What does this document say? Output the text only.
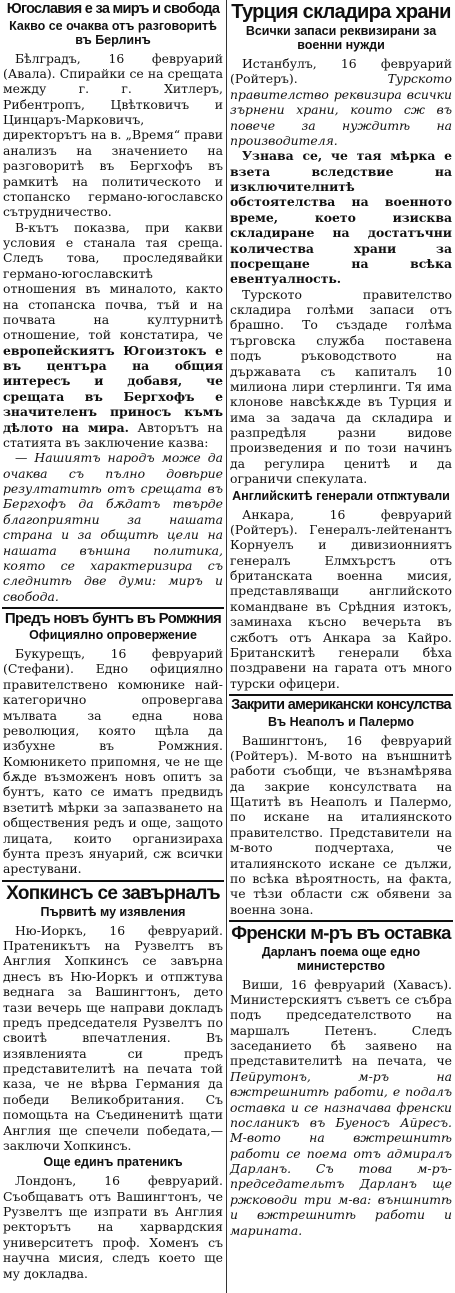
Югославия е за миръ и свобода
Какво се очаква отъ разговоритѣ въ Берлинъ

Бѣлградъ, 16 февруарий (Авала). Спирайки се на срещата между г. г. Хитлеръ, Рибентропъ, Цвѣтковичъ и Цинцаръ-Марковичъ, директорътъ на в. „Время“ прави анализъ на значението на разговоритѣ въ Бергхофъ въ рамкитѣ на политическото и стопанско германо-югославско сътрудничество.

В-кътъ показва, при какви условия е станала тая среща. Следъ това, проследявайки германо-югославскитѣ отношения въ миналото, както на стопанска почва, тъй и на почвата на културнитѣ отношение, той констатира, че европейскиятъ Югоизтокъ е въ центъра на общия интересъ и добавя, че срещата въ Бергхофъ е значителенъ приносъ къмъ дѣлото на мира. Авторътъ на статията въ заключение казва:

— Нашиятъ народъ може да очаква съ пълно довѣрие резултатитѣ отъ срещата въ Бергхофъ да бѫдатъ твърде благоприятни за нашата страна и за общитѣ цели на нашата външна политика, която се характеризира съ следнитѣ две думи: миръ и свобода.

Предъ новъ бунтъ въ Ромжния
Официялно опровержение

Букурещъ, 16 февруарий (Стефани). Едно официялно правителствено комюнике най-категорично опровергава мълвата за една нова революция, която щѣла да избухне въ Ромжния. Комюникето припомня, че не ще бѫде възможенъ новъ опитъ за бунтъ, като се иматъ предвидъ взетитѣ мѣрки за запазването на обществения редъ и още, защото лицата, които организираха бунта презъ януарий, сж всички арестувани.

Хопкинсъ се завърналъ
Първитѣ му изявления

Ню-Иоркъ, 16 февруарий. Пратеникътъ на Рузвелтъ въ Англия Хопкинсъ се завърна днесъ въ Ню-Иоркъ и отпжтува веднага за Вашингтонъ, дето тази вечерь ще направи докладъ предъ председателя Рузвелтъ по своитѣ впечатления. Въ изявленията си предъ представителитѣ на печата той каза, че не вѣрва Германия да победи Великобритания. Съ помощьта на Съединенитѣ щати Англия ще спечели победата,— заключи Хопкинсъ.

Още единъ пратеникъ

Лондонъ, 16 февруарий. Съобщаватъ отъ Вашингтонъ, че Рузвелтъ ще изпрати въ Англия ректорътъ на харвардския университетъ проф. Хоменъ съ научна мисия, следъ което ще му докладва.

Турция складира храни
Всички запаси реквизирани за военни нужди

Истанбулъ, 16 февруарий (Ройтеръ). Турското правителство реквизира всички зърнени храни, които сж въ повече за нуждитѣ на производителя.

Узнава се, че тая мѣрка е взета вследствие на изключителнитѣ обстоятелства на военното време, което изисква складиране на достатъчни количества храни за посрещане на всѣка евентуалность.

Турското правителство складира голѣми запаси отъ брашно. То създаде голѣма търговска служба поставена подъ ръководството на държавата съ капиталъ 10 милиона лири стерлинги. Тя има клонове навсѣкѫде въ Турция и има за задача да складира и разпредѣля разни видове произведения и по този начинъ да регулира ценитѣ и да ограничи спекулата.

Английскитѣ генерали отпжтували

Анкара, 16 февруарий (Ройтеръ). Генералъ-лейтенантъ Корнуелъ и дивизионниятъ генералъ Елмхърстъ отъ британската военна мисия, представляващи английското командване въ Срѣдния изтокъ, заминаха късно вечерьта въ сжботъ отъ Анкара за Кайро. Британскитѣ генерали бѣха поздравени на гарата отъ много турски офицери.

Закрити американски консулства
Въ Неаполъ и Палермо

Вашингтонъ, 16 февруарий (Ройтеръ). М-вото на външнитѣ работи съобщи, че възнамѣрява да закрие консулствата на Щатитѣ въ Неаполъ и Палермо, по искане на италиянското правителство. Представители на м-вото подчертаха, че италиянското искане се дължи, по всѣка вѣроятность, на факта, че тѣзи области сж обявени за военна зона.

Френски м-ръ въ оставка
Дарланъ поема още едно министерство

Виши, 16 февруарий (Хавасъ). Министерскиятъ съветъ се събра подъ председателството на маршалъ Петенъ. Следъ заседанието бѣ заявено на представителитѣ на печата, че Пейрутонъ, м-ръ на вжтрешнитѣ работи, е подалъ оставка и се назначава френски посланикъ въ Буеносъ Айресъ. М-вото на вжтрешнитѣ работи се поема отъ адмиралъ Дарланъ. Съ това м-ръ-председательтъ Дарланъ ще ржководи три м-ва: външнитѣ и вжтрешнитѣ работи и марината.
